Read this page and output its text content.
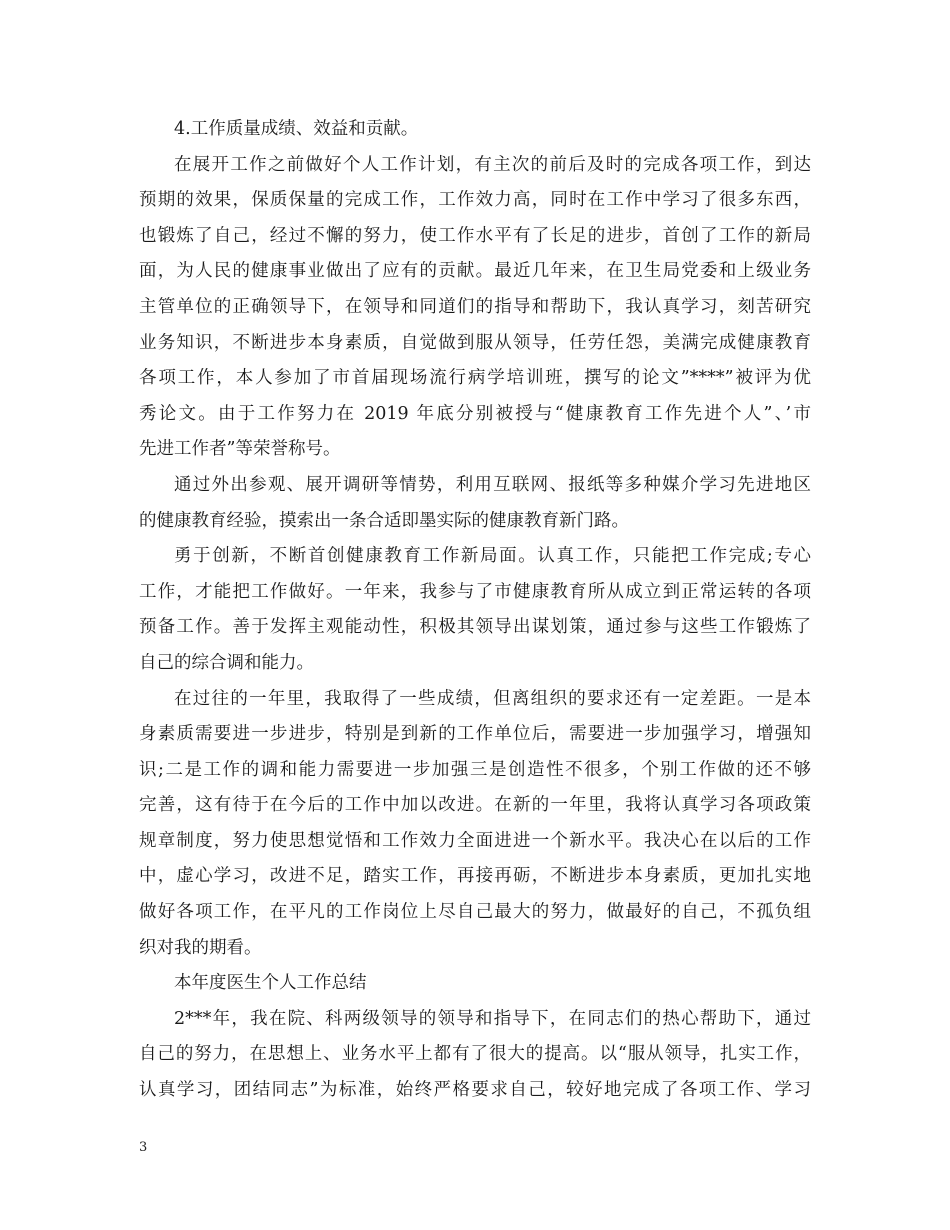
4.工作质量成绩、效益和贡献。
在展开工作之前做好个人工作计划，有主次的前后及时的完成各项工作，到达
预期的效果，保质保量的完成工作，工作效力高，同时在工作中学习了很多东西，
也锻炼了自己，经过不懈的努力，使工作水平有了长足的进步，首创了工作的新局
面，为人民的健康事业做出了应有的贡献。最近几年来，在卫生局党委和上级业务
主管单位的正确领导下，在领导和同道们的指导和帮助下，我认真学习，刻苦研究
业务知识，不断进步本身素质，自觉做到服从领导，任劳任怨，美满完成健康教育
各项工作，本人参加了市首届现场流行病学培训班，撰写的论文”****”被评为优
秀论文。由于工作努力在 2019 年底分别被授与“健康教育工作先进个人”、’市
先进工作者”等荣誉称号。
通过外出参观、展开调研等情势，利用互联网、报纸等多种媒介学习先进地区
的健康教育经验，摸索出一条合适即墨实际的健康教育新门路。
勇于创新，不断首创健康教育工作新局面。认真工作，只能把工作完成;专心
工作，才能把工作做好。一年来，我参与了市健康教育所从成立到正常运转的各项
预备工作。善于发挥主观能动性，积极其领导出谋划策，通过参与这些工作锻炼了
自己的综合调和能力。
在过往的一年里，我取得了一些成绩，但离组织的要求还有一定差距。一是本
身素质需要进一步进步，特别是到新的工作单位后，需要进一步加强学习，增强知
识;二是工作的调和能力需要进一步加强三是创造性不很多，个别工作做的还不够
完善，这有待于在今后的工作中加以改进。在新的一年里，我将认真学习各项政策
规章制度，努力使思想觉悟和工作效力全面进进一个新水平。我决心在以后的工作
中，虚心学习，改进不足，踏实工作，再接再砺，不断进步本身素质，更加扎实地
做好各项工作，在平凡的工作岗位上尽自己最大的努力，做最好的自己，不孤负组
织对我的期看。
本年度医生个人工作总结
2***年，我在院、科两级领导的领导和指导下，在同志们的热心帮助下，通过
自己的努力，在思想上、业务水平上都有了很大的提高。以“服从领导，扎实工作，
认真学习，团结同志”为标准，始终严格要求自己，较好地完成了各项工作、学习
3
